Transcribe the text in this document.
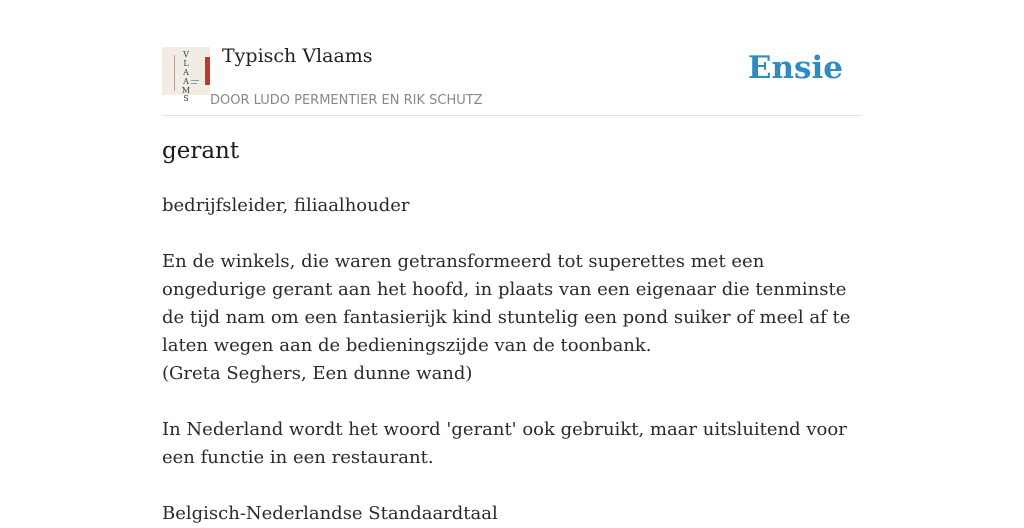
V
L
A
A
M
S
Typisch Vlaams
DOOR LUDO PERMENTIER EN RIK SCHUTZ
Ensie
gerant

bedrijfsleider, filiaalhouder

En de winkels, die waren getransformeerd tot superettes met een ongedurige gerant aan het hoofd, in plaats van een eigenaar die tenminste de tijd nam om een fantasierijk kind stuntelig een pond suiker of meel af te laten wegen aan de bedieningszijde van de toonbank.

(Greta Seghers, Een dunne wand)

In Nederland wordt het woord 'gerant' ook gebruikt, maar uitsluitend voor een functie in een restaurant.

Belgisch-Nederlandse Standaardtaal
